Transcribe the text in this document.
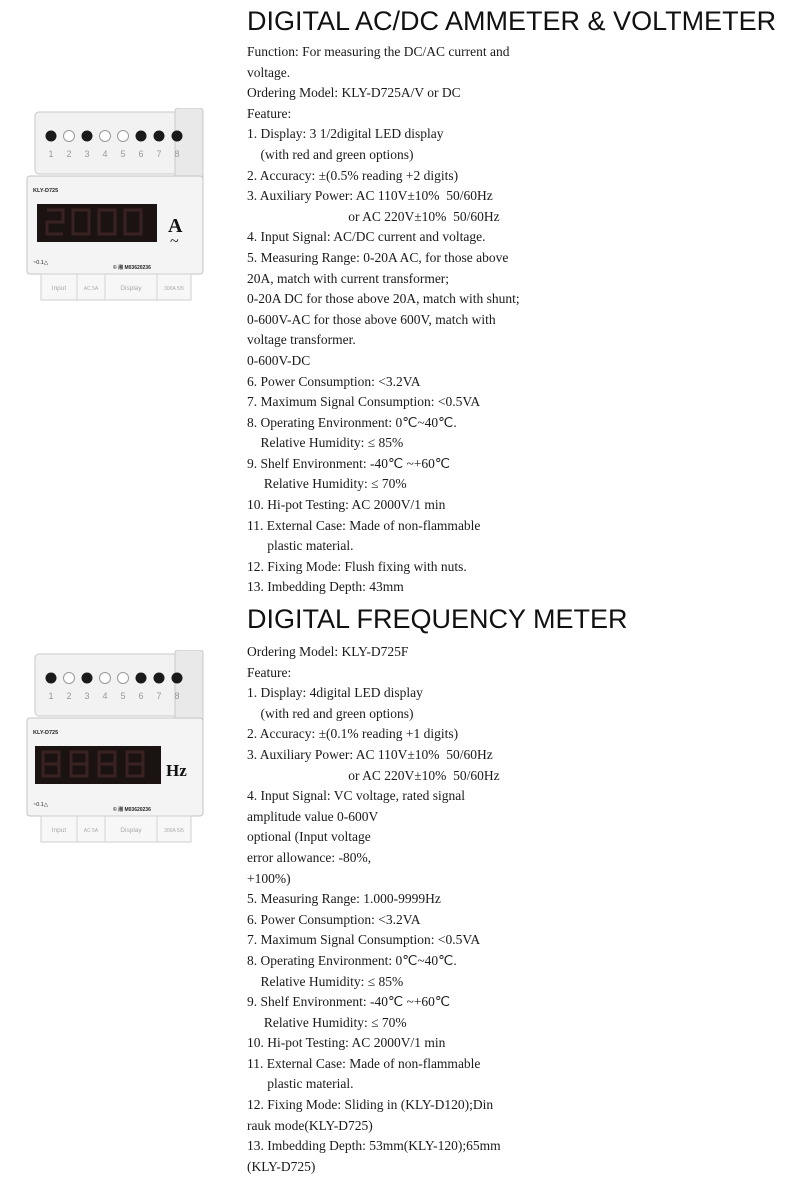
DIGITAL AC/DC AMMETER & VOLTMETER
Function: For measuring the DC/AC current and
voltage.
Ordering Model: KLY-D725A/V or DC
Feature:
1. Display: 3 1/2digital LED display
(with red and green options)
2. Accuracy: ±(0.5% reading +2 digits)
3. Auxiliary Power: AC 110V±10%  50/60Hz
or AC 220V±10%  50/60Hz
4. Input Signal: AC/DC current and voltage.
5. Measuring Range: 0-20A AC, for those above
20A, match with current transformer;
0-20A DC for those above 20A, match with shunt;
0-600V-AC for those above 600V, match with
voltage transformer.
0-600V-DC
6. Power Consumption: <3.2VA
7. Maximum Signal Consumption: <0.5VA
8. Operating Environment: 0℃~40℃.
Relative Humidity: ≤ 85%
9. Shelf Environment: -40℃ ~+60℃
Relative Humidity: ≤ 70%
10. Hi-pot Testing: AC 2000V/1 min
11. External Case: Made of non-flammable
plastic material.
12. Fixing Mode: Flush fixing with nuts.
13. Imbedding Depth: 43mm
1 2 3 4 5 6 7 8
KLY-D725
A
~
~0.1△
© 湘 M03620236
Input	AC 5A	Display	300A 5/5
DIGITAL FREQUENCY METER
Ordering Model: KLY-D725F
Feature:
1. Display: 4digital LED display
(with red and green options)
2. Accuracy: ±(0.1% reading +1 digits)
3. Auxiliary Power: AC 110V±10%  50/60Hz
or AC 220V±10%  50/60Hz
4. Input Signal: VC voltage, rated signal
amplitude value 0-600V
optional (Input voltage
error allowance: -80%,
+100%)
5. Measuring Range: 1.000-9999Hz
6. Power Consumption: <3.2VA
7. Maximum Signal Consumption: <0.5VA
8. Operating Environment: 0℃~40℃.
Relative Humidity: ≤ 85%
9. Shelf Environment: -40℃ ~+60℃
Relative Humidity: ≤ 70%
10. Hi-pot Testing: AC 2000V/1 min
11. External Case: Made of non-flammable
plastic material.
12. Fixing Mode: Sliding in (KLY-D120);Din
rauk mode(KLY-D725)
13. Imbedding Depth: 53mm(KLY-120);65mm
(KLY-D725)
1 2 3 4 5 6 7 8
KLY-D725
Hz
~0.1△
© 湘 M03620236
Input	AC 5A	Display	300A 5/5
